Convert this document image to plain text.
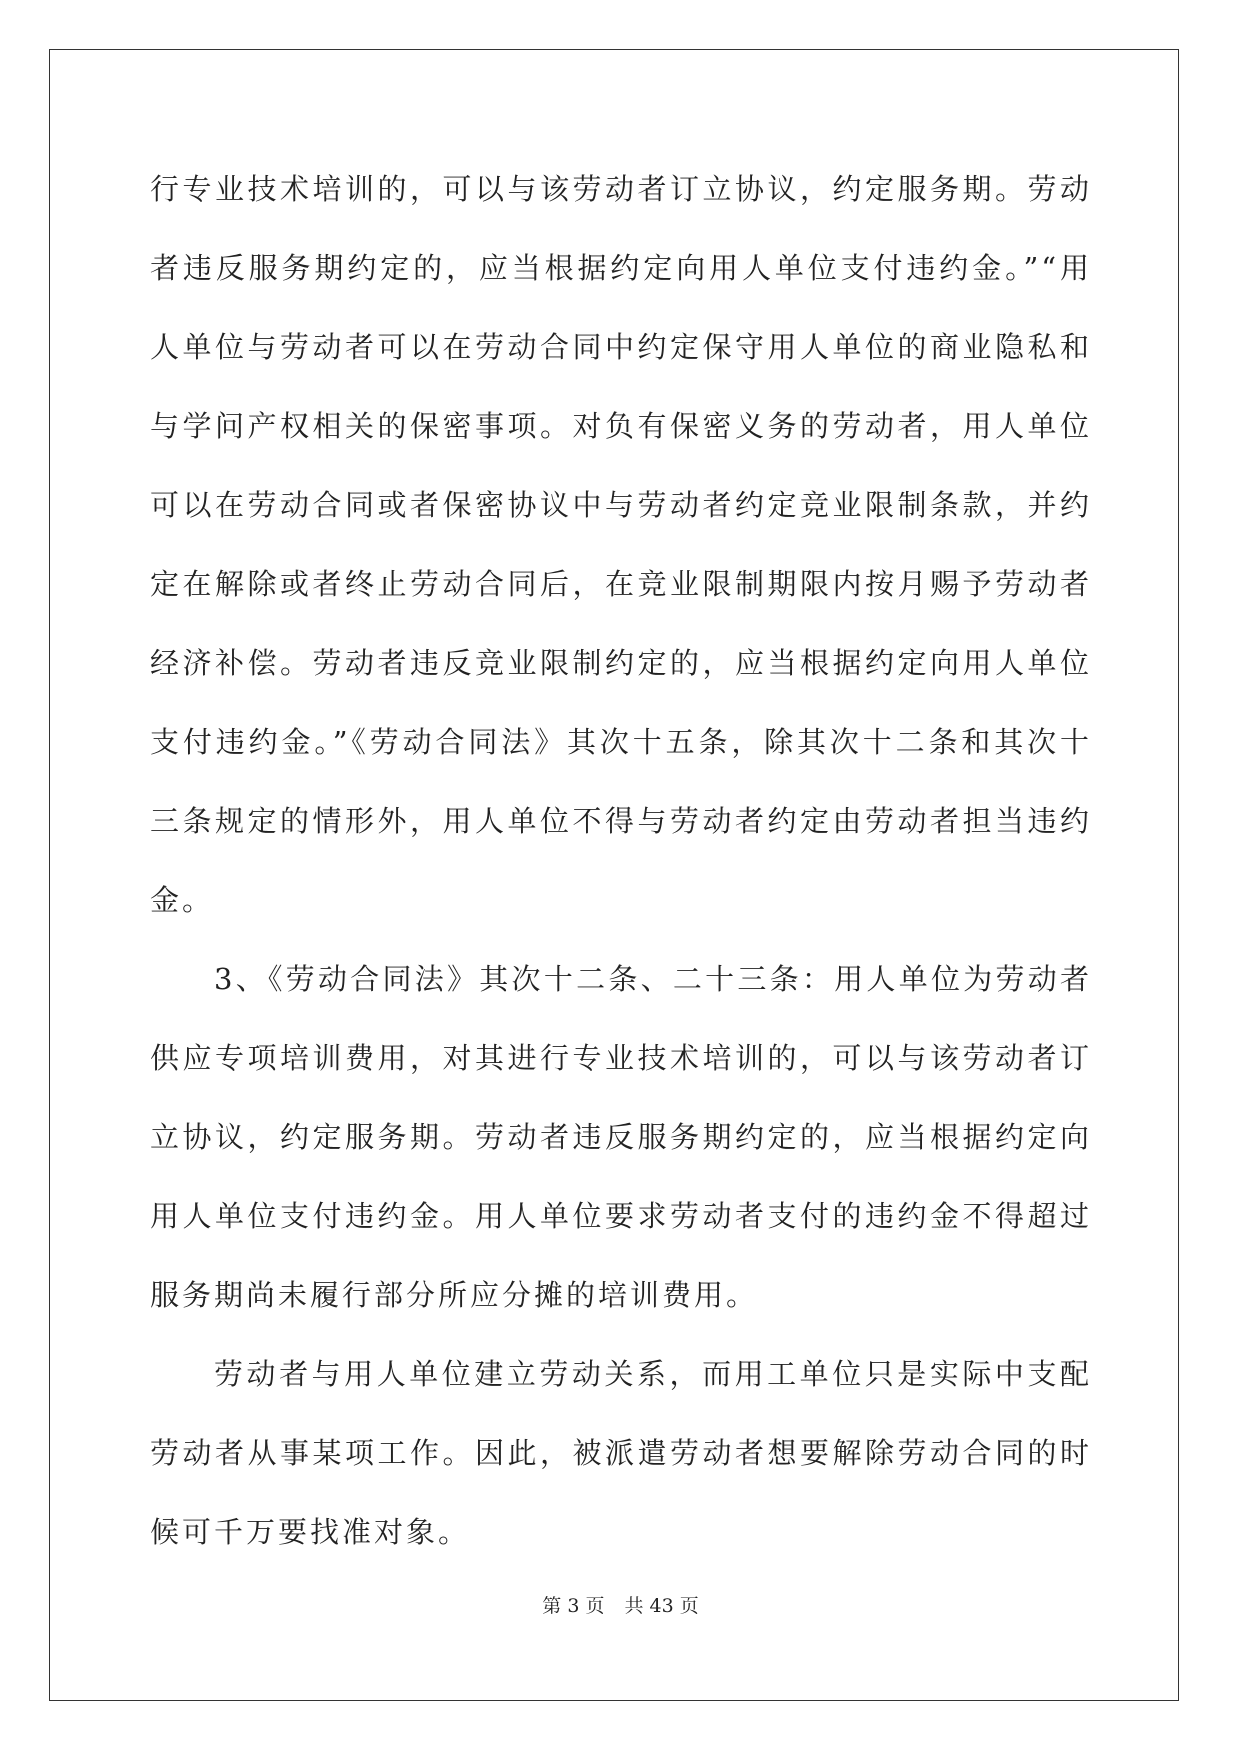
行专业技术培训的，可以与该劳动者订立协议，约定服务期。劳动者违反服务期约定的，应当根据约定向用人单位支付违约金。”“用人单位与劳动者可以在劳动合同中约定保守用人单位的商业隐私和与学问产权相关的保密事项。对负有保密义务的劳动者，用人单位可以在劳动合同或者保密协议中与劳动者约定竞业限制条款，并约定在解除或者终止劳动合同后，在竞业限制期限内按月赐予劳动者经济补偿。劳动者违反竞业限制约定的，应当根据约定向用人单位支付违约金。”《劳动合同法》其次十五条，除其次十二条和其次十三条规定的情形外，用人单位不得与劳动者约定由劳动者担当违约金。

3、《劳动合同法》其次十二条、二十三条：用人单位为劳动者供应专项培训费用，对其进行专业技术培训的，可以与该劳动者订立协议，约定服务期。劳动者违反服务期约定的，应当根据约定向用人单位支付违约金。用人单位要求劳动者支付的违约金不得超过服务期尚未履行部分所应分摊的培训费用。

劳动者与用人单位建立劳动关系，而用工单位只是实际中支配劳动者从事某项工作。因此，被派遣劳动者想要解除劳动合同的时候可千万要找准对象。

第 3 页 共 43 页
